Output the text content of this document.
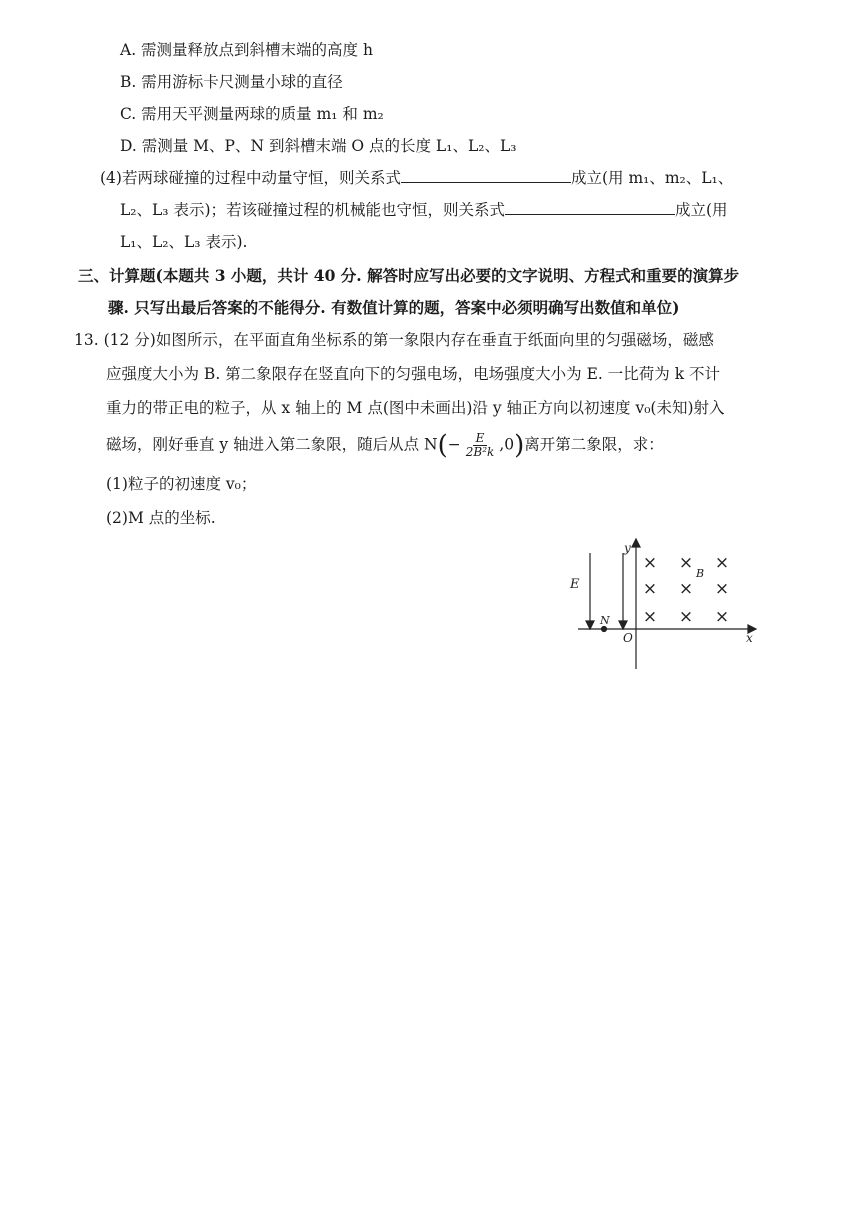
A. 需测量释放点到斜槽末端的高度 h
B. 需用游标卡尺测量小球的直径
C. 需用天平测量两球的质量 m₁ 和 m₂
D. 需测量 M、P、N 到斜槽末端 O 点的长度 L₁、L₂、L₃
(4)若两球碰撞的过程中动量守恒，则关系式	成立(用 m₁、m₂、L₁、
L₂、L₃ 表示)；若该碰撞过程的机械能也守恒，则关系式	成立(用
L₁、L₂、L₃ 表示).
三、计算题(本题共 3 小题，共计 40 分. 解答时应写出必要的文字说明、方程式和重要的演算步
骤. 只写出最后答案的不能得分. 有数值计算的题，答案中必须明确写出数值和单位)
13. (12 分)如图所示，在平面直角坐标系的第一象限内存在垂直于纸面向里的匀强磁场，磁感
应强度大小为 B. 第二象限存在竖直向下的匀强电场，电场强度大小为 E. 一比荷为 k 不计
重力的带正电的粒子，从 x 轴上的 M 点(图中未画出)沿 y 轴正方向以初速度 v₀(未知)射入
磁场，刚好垂直 y 轴进入第二象限，随后从点 $N(- \frac{E}{\text{2B²k}} ,0)$离开第二象限，求：
(1)粒子的初速度 v₀；
(2)M 点的坐标.
E
N
O	x
y
B
× × ×
× × ×
× × ×
